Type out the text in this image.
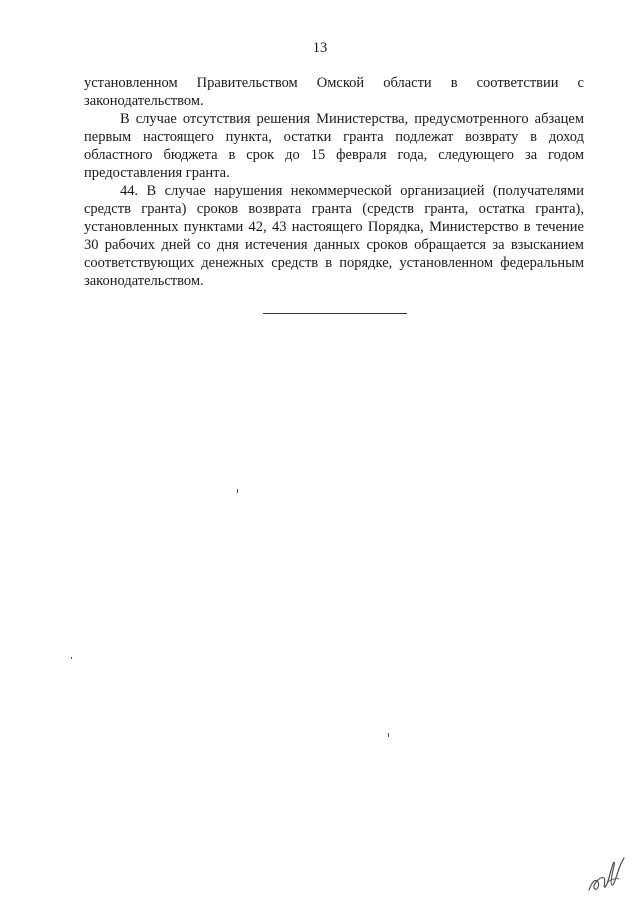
13

установленном Правительством Омской области в соответствии с законодательством.

В случае отсутствия решения Министерства, предусмотренного абзацем первым настоящего пункта, остатки гранта подлежат возврату в доход областного бюджета в срок до 15 февраля года, следующего за годом предоставления гранта.

44. В случае нарушения некоммерческой организацией (получателями средств гранта) сроков возврата гранта (средств гранта, остатка гранта), установленных пунктами 42, 43 настоящего Порядка, Министерство в течение 30 рабочих дней со дня истечения данных сроков обращается за взысканием соответствующих денежных средств в порядке, установленном федеральным законодательством.
